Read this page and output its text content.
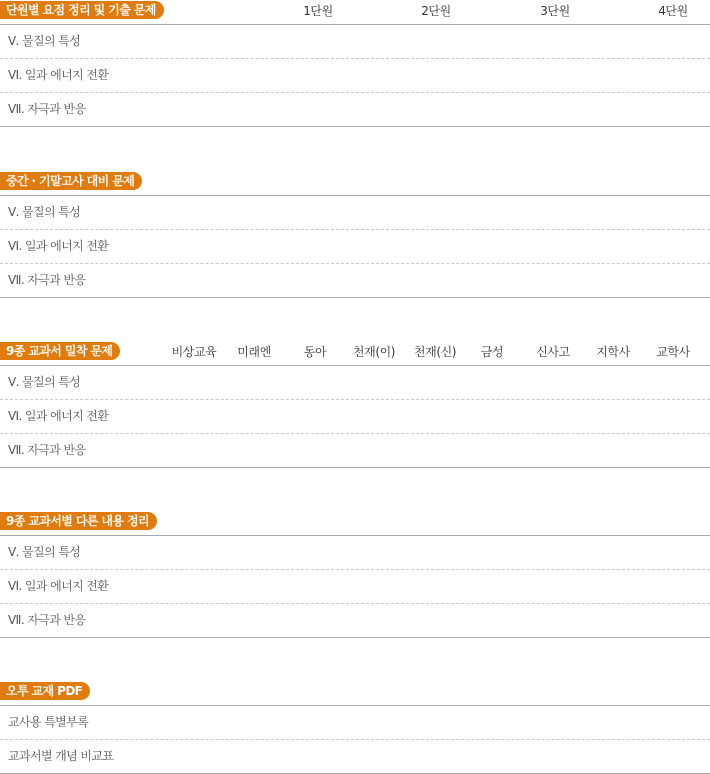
단원별 요점 정리 및 기출 문제	1단원	2단원	3단원	4단원
Ⅴ. 물질의 특성
Ⅵ. 일과 에너지 전환
Ⅶ. 자극과 반응
중간 · 기말고사 대비 문제
Ⅴ. 물질의 특성
Ⅵ. 일과 에너지 전환
Ⅶ. 자극과 반응
9종 교과서 밀착 문제	비상교육 미래엔	동아 천재(이) 천재(신) 금성	신사고 지학사 교학사
Ⅴ. 물질의 특성
Ⅵ. 일과 에너지 전환
Ⅶ. 자극과 반응
9종 교과서별 다른 내용 정리
Ⅴ. 물질의 특성
Ⅵ. 일과 에너지 전환
Ⅶ. 자극과 반응
오투 교재 PDF
교사용 특별부록
교과서별 개념 비교표
